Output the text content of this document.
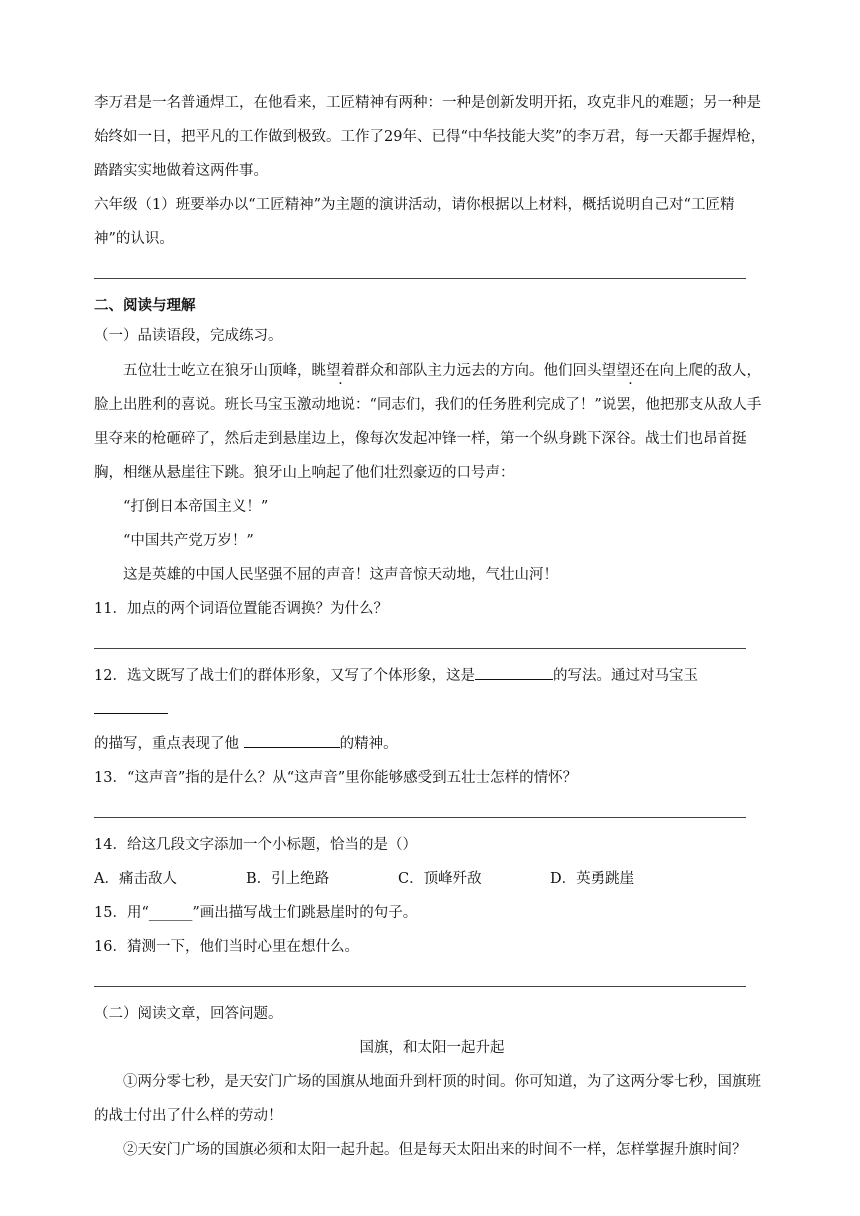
李万君是一名普通焊工，在他看来，工匠精神有两种：一种是创新发明开拓，攻克非凡的难题；另一种是始终如一日，把平凡的工作做到极致。工作了29年、已得“中华技能大奖”的李万君，每一天都手握焊枪，踏踏实实地做着这两件事。

六年级（1）班要举办以“工匠精神”为主题的演讲活动，请你根据以上材料，概括说明自己对“工匠精神”的认识。

二、阅读与理解

（一）品读语段，完成练习。

五位壮士屹立在狼牙山顶峰，眺望着群众和部队主力远去的方向。他们回头望望还在向上爬的敌人，脸上出胜利的喜说。班长马宝玉激动地说：“同志们，我们的任务胜利完成了！”说罢，他把那支从敌人手里夺来的枪砸碎了，然后走到悬崖边上，像每次发起冲锋一样，第一个纵身跳下深谷。战士们也昂首挺胸，相继从悬崖往下跳。狼牙山上响起了他们壮烈豪迈的口号声：

“打倒日本帝国主义！”

“中国共产党万岁！”

这是英雄的中国人民坚强不屈的声音！这声音惊天动地，气壮山河！

11．加点的两个词语位置能否调换？为什么？

12．选文既写了战士们的群体形象，又写了个体形象，这是	的写法。通过对马宝玉
的描写，重点表现了他	的精神。

13．“这声音”指的是什么？从“这声音”里你能够感受到五壮士怎样的情怀？

14．给这几段文字添加一个小标题，恰当的是（）

A．痛击敌人	B．引上绝路	C．顶峰歼敌	D．英勇跳崖

15．用“______”画出描写战士们跳悬崖时的句子。

16．猜测一下，他们当时心里在想什么。

（二）阅读文章，回答问题。

国旗，和太阳一起升起

①两分零七秒，是天安门广场的国旗从地面升到杆顶的时间。你可知道，为了这两分零七秒，国旗班的战士付出了什么样的劳动！

②天安门广场的国旗必须和太阳一起升起。但是每天太阳出来的时间不一样，怎样掌握升旗时间？
